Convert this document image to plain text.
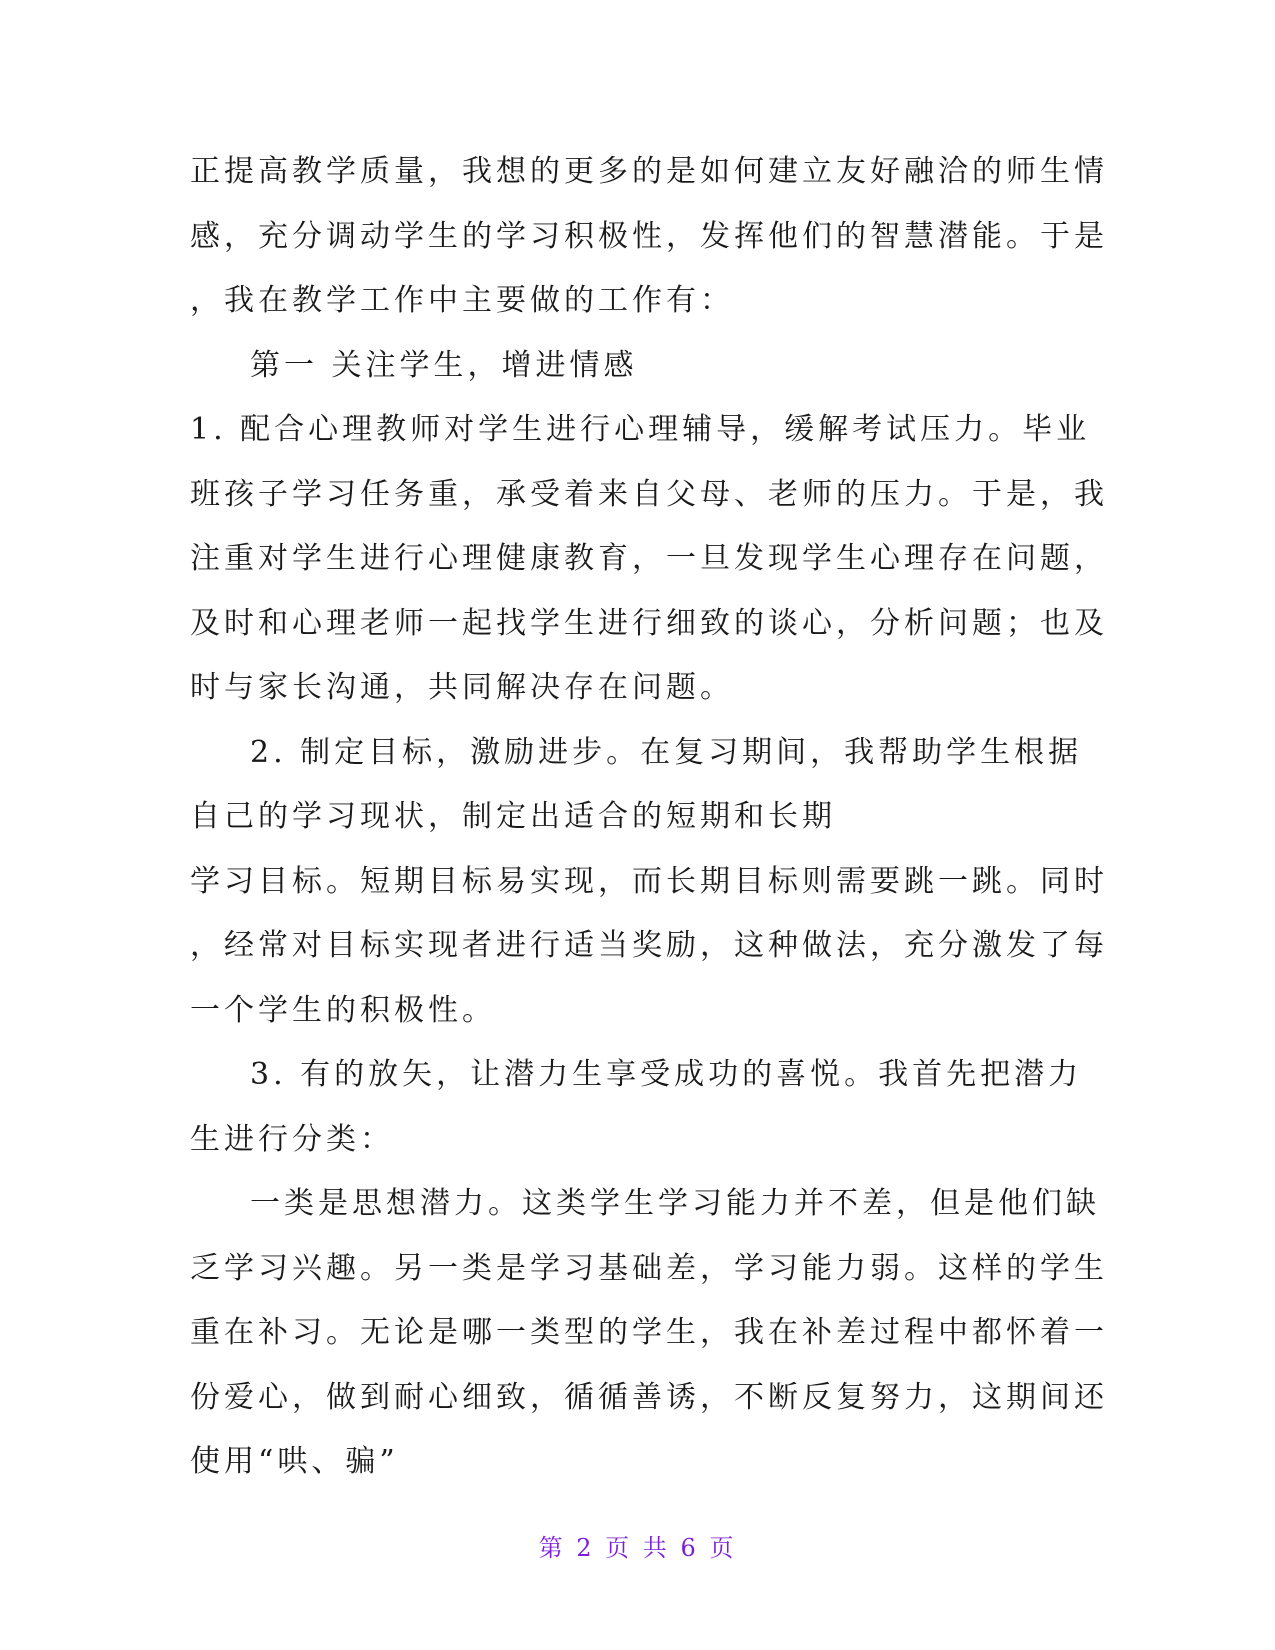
正提高教学质量，我想的更多的是如何建立友好融洽的师生情
感，充分调动学生的学习积极性，发挥他们的智慧潜能。于是
，我在教学工作中主要做的工作有：
第一 关注学生，增进情感
1. 配合心理教师对学生进行心理辅导，缓解考试压力。毕业
班孩子学习任务重，承受着来自父母、老师的压力。于是，我
注重对学生进行心理健康教育，一旦发现学生心理存在问题，
及时和心理老师一起找学生进行细致的谈心，分析问题；也及
时与家长沟通，共同解决存在问题。
2. 制定目标，激励进步。在复习期间，我帮助学生根据
自己的学习现状，制定出适合的短期和长期
学习目标。短期目标易实现，而长期目标则需要跳一跳。同时
，经常对目标实现者进行适当奖励，这种做法，充分激发了每
一个学生的积极性。
3. 有的放矢，让潜力生享受成功的喜悦。我首先把潜力
生进行分类：
一类是思想潜力。这类学生学习能力并不差，但是他们缺
乏学习兴趣。另一类是学习基础差，学习能力弱。这样的学生
重在补习。无论是哪一类型的学生，我在补差过程中都怀着一
份爱心，做到耐心细致，循循善诱，不断反复努力，这期间还
使用“哄、骗”
第 2 页 共 6 页
